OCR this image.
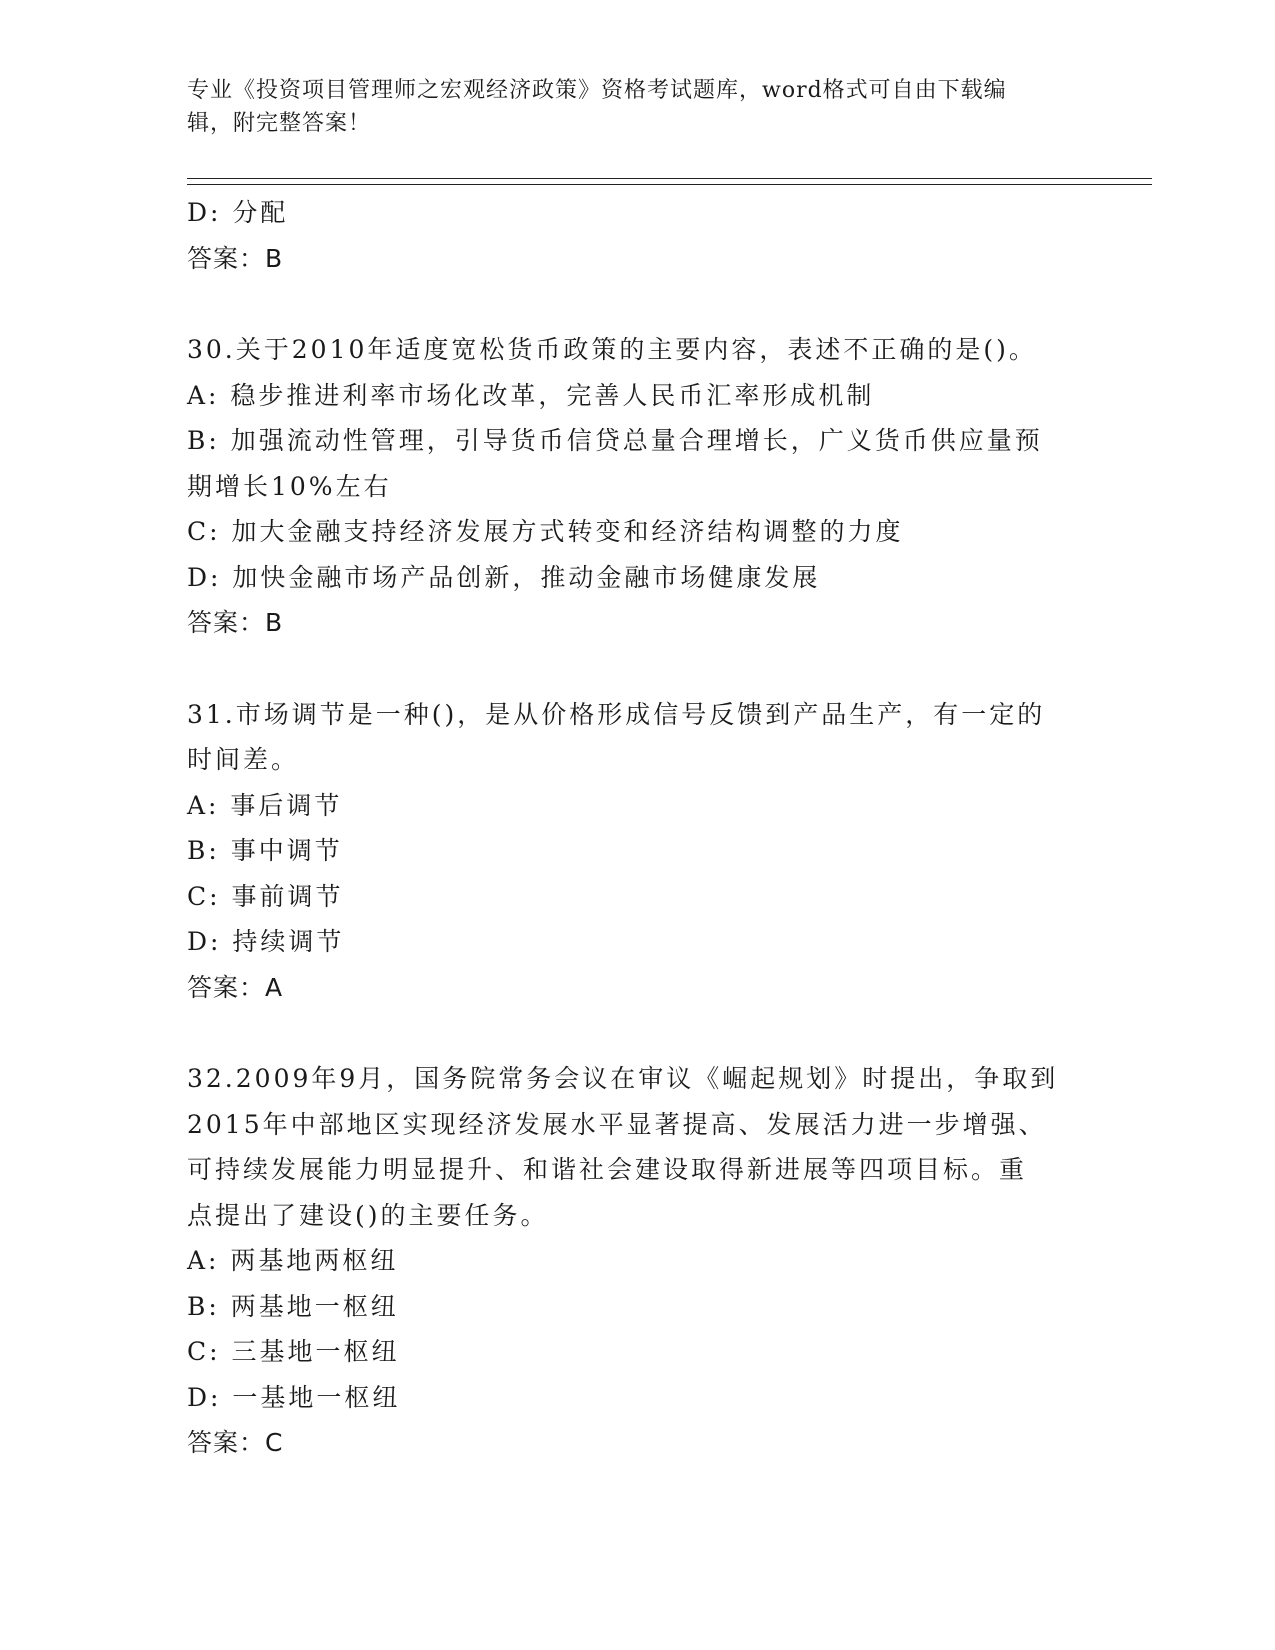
专业《投资项目管理师之宏观经济政策》资格考试题库，word格式可自由下载编
辑，附完整答案！
D: 分配
答案：B
30.关于2010年适度宽松货币政策的主要内容，表述不正确的是()。
A: 稳步推进利率市场化改革，完善人民币汇率形成机制
B: 加强流动性管理，引导货币信贷总量合理增长，广义货币供应量预
期增长10%左右
C: 加大金融支持经济发展方式转变和经济结构调整的力度
D: 加快金融市场产品创新，推动金融市场健康发展
答案：B
31.市场调节是一种()，是从价格形成信号反馈到产品生产，有一定的
时间差。
A: 事后调节
B: 事中调节
C: 事前调节
D: 持续调节
答案：A
32.2009年9月，国务院常务会议在审议《崛起规划》时提出，争取到
2015年中部地区实现经济发展水平显著提高、发展活力进一步增强、
可持续发展能力明显提升、和谐社会建设取得新进展等四项目标。重
点提出了建设()的主要任务。
A: 两基地两枢纽
B: 两基地一枢纽
C: 三基地一枢纽
D: 一基地一枢纽
答案：C
